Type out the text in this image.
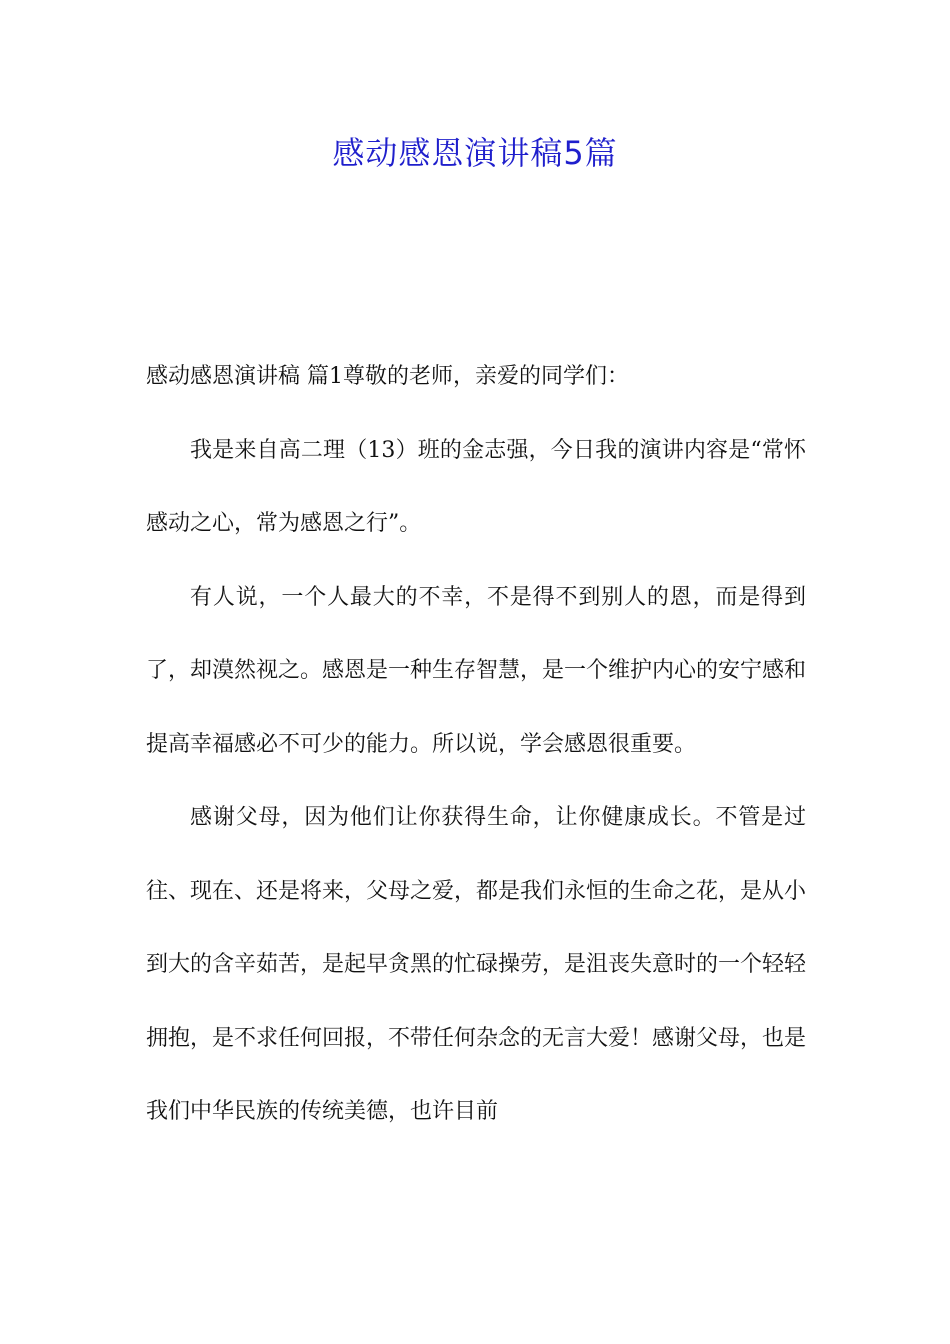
感动感恩演讲稿5篇

感动感恩演讲稿 篇1尊敬的老师，亲爱的同学们：

我是来自高二理（13）班的金志强，今日我的演讲内容是“常怀感动之心，常为感恩之行”。

有人说，一个人最大的不幸，不是得不到别人的恩，而是得到了，却漠然视之。感恩是一种生存智慧，是一个维护内心的安宁感和提高幸福感必不可少的能力。所以说，学会感恩很重要。

感谢父母，因为他们让你获得生命，让你健康成长。不管是过往、现在、还是将来，父母之爱，都是我们永恒的生命之花，是从小到大的含辛茹苦，是起早贪黑的忙碌操劳，是沮丧失意时的一个轻轻拥抱，是不求任何回报，不带任何杂念的无言大爱！感谢父母，也是我们中华民族的传统美德，也许目前
